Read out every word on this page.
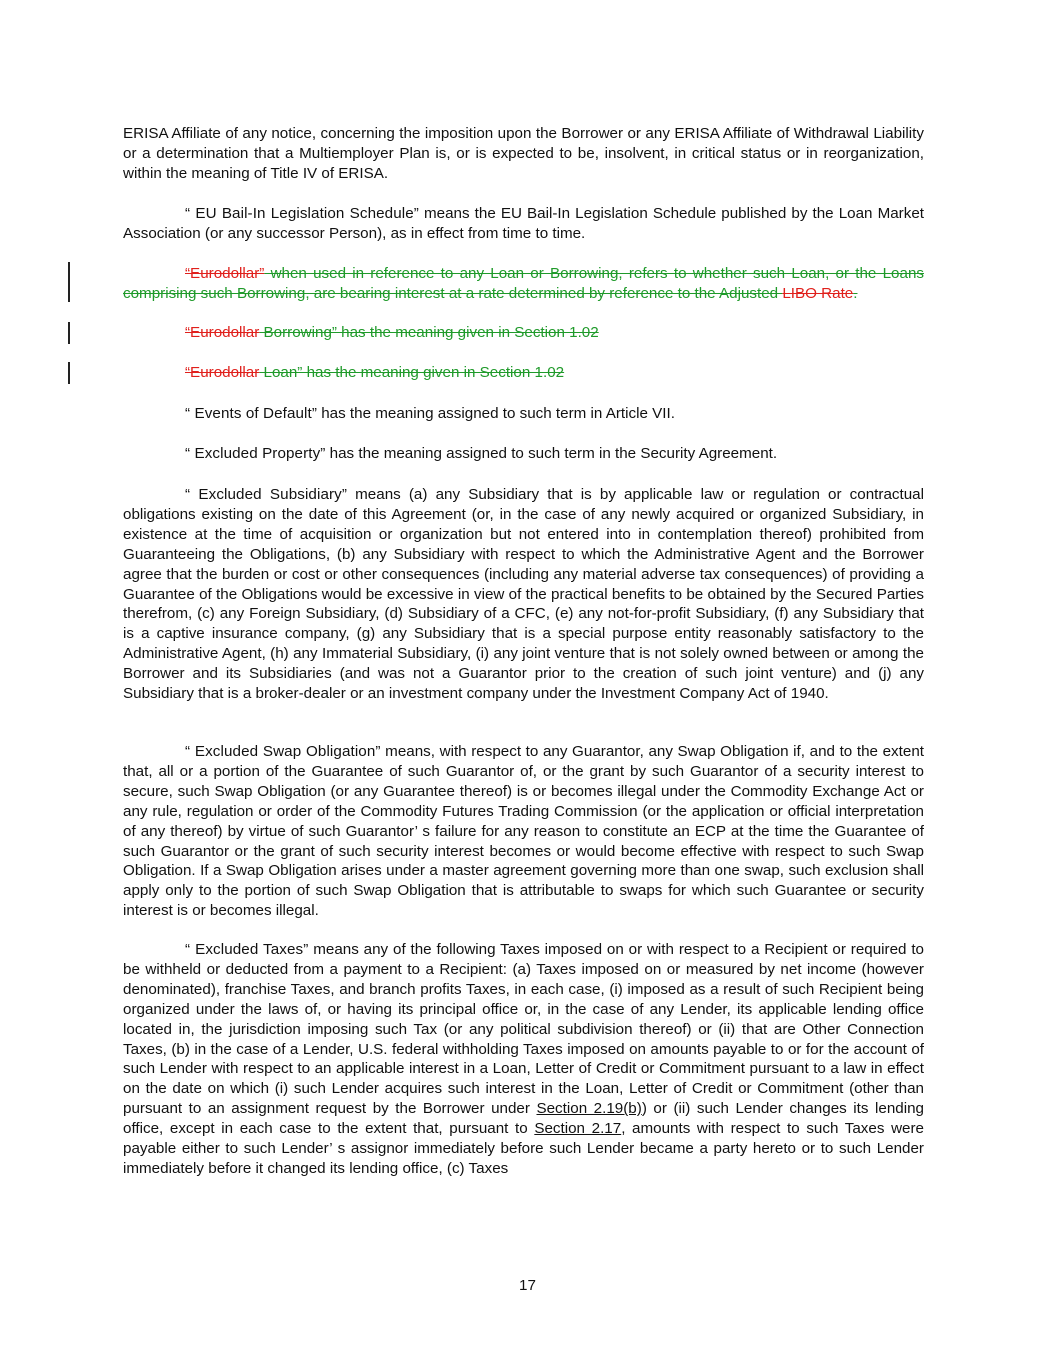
ERISA Affiliate of any notice, concerning the imposition upon the Borrower or any ERISA Affiliate of Withdrawal Liability or a determination that a Multiemployer Plan is, or is expected to be, insolvent, in critical status or in reorganization, within the meaning of Title IV of ERISA.

“ EU Bail-In Legislation Schedule” means the EU Bail-In Legislation Schedule published by the Loan Market Association (or any successor Person), as in effect from time to time.

“Eurodollar” when used in reference to any Loan or Borrowing, refers to whether such Loan, or the Loans comprising such Borrowing, are bearing interest at a rate determined by reference to the Adjusted LIBO Rate.

“Eurodollar Borrowing” has the meaning given in Section 1.02

“Eurodollar Loan” has the meaning given in Section 1.02

“ Events of Default” has the meaning assigned to such term in Article VII.

“ Excluded Property” has the meaning assigned to such term in the Security Agreement.

“ Excluded Subsidiary” means (a) any Subsidiary that is by applicable law or regulation or contractual obligations existing on the date of this Agreement (or, in the case of any newly acquired or organized Subsidiary, in existence at the time of acquisition or organization but not entered into in contemplation thereof) prohibited from Guaranteeing the Obligations, (b) any Subsidiary with respect to which the Administrative Agent and the Borrower agree that the burden or cost or other consequences (including any material adverse tax consequences) of providing a Guarantee of the Obligations would be excessive in view of the practical benefits to be obtained by the Secured Parties therefrom, (c) any Foreign Subsidiary, (d) Subsidiary of a CFC, (e) any not-for-profit Subsidiary, (f) any Subsidiary that is a captive insurance company, (g) any Subsidiary that is a special purpose entity reasonably satisfactory to the Administrative Agent, (h) any Immaterial Subsidiary, (i) any joint venture that is not solely owned between or among the Borrower and its Subsidiaries (and was not a Guarantor prior to the creation of such joint venture) and (j) any Subsidiary that is a broker-dealer or an investment company under the Investment Company Act of 1940.

“ Excluded Swap Obligation” means, with respect to any Guarantor, any Swap Obligation if, and to the extent that, all or a portion of the Guarantee of such Guarantor of, or the grant by such Guarantor of a security interest to secure, such Swap Obligation (or any Guarantee thereof) is or becomes illegal under the Commodity Exchange Act or any rule, regulation or order of the Commodity Futures Trading Commission (or the application or official interpretation of any thereof) by virtue of such Guarantor’ s failure for any reason to constitute an ECP at the time the Guarantee of such Guarantor or the grant of such security interest becomes or would become effective with respect to such Swap Obligation. If a Swap Obligation arises under a master agreement governing more than one swap, such exclusion shall apply only to the portion of such Swap Obligation that is attributable to swaps for which such Guarantee or security interest is or becomes illegal.

“ Excluded Taxes” means any of the following Taxes imposed on or with respect to a Recipient or required to be withheld or deducted from a payment to a Recipient: (a) Taxes imposed on or measured by net income (however denominated), franchise Taxes, and branch profits Taxes, in each case, (i) imposed as a result of such Recipient being organized under the laws of, or having its principal office or, in the case of any Lender, its applicable lending office located in, the jurisdiction imposing such Tax (or any political subdivision thereof) or (ii) that are Other Connection Taxes, (b) in the case of a Lender, U.S. federal withholding Taxes imposed on amounts payable to or for the account of such Lender with respect to an applicable interest in a Loan, Letter of Credit or Commitment pursuant to a law in effect on the date on which (i) such Lender acquires such interest in the Loan, Letter of Credit or Commitment (other than pursuant to an assignment request by the Borrower under Section 2.19(b)) or (ii) such Lender changes its lending office, except in each case to the extent that, pursuant to Section 2.17, amounts with respect to such Taxes were payable either to such Lender’ s assignor immediately before such Lender became a party hereto or to such Lender immediately before it changed its lending office, (c) Taxes

17
